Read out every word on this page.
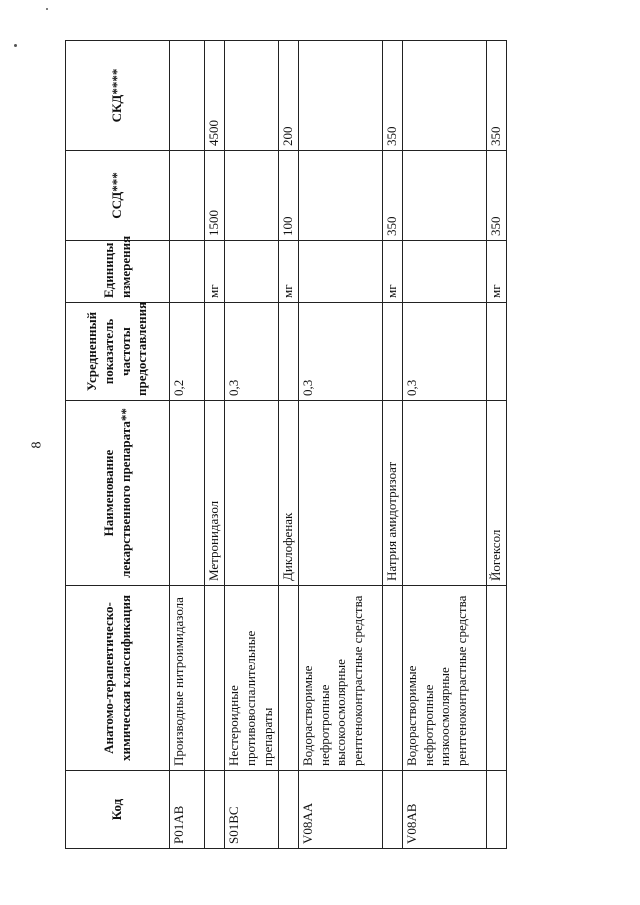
8
Код	Анатомо-терапевтическо-химическая классификация	Наименование лекарственного препарата**	Усредненный показатель частоты предоставления	Единицы измерения	ССД***	СКД****
P01AB	Производные нитроимидазола		0,2			
		Метронидазол		мг	1500	4500
S01BC	Нестероидные противовоспалительные препараты		0,3			
		Диклофенак		мг	100	200
V08AA	Водорастворимые нефротропные высокоосмолярные рентгеноконтрастные средства		0,3			
		Натрия амидотризоат		мг	350	350
V08AB	Водорастворимые нефротропные низкоосмолярные рентгеноконтрастные средства		0,3			
		Йогексол		мг	350	350
